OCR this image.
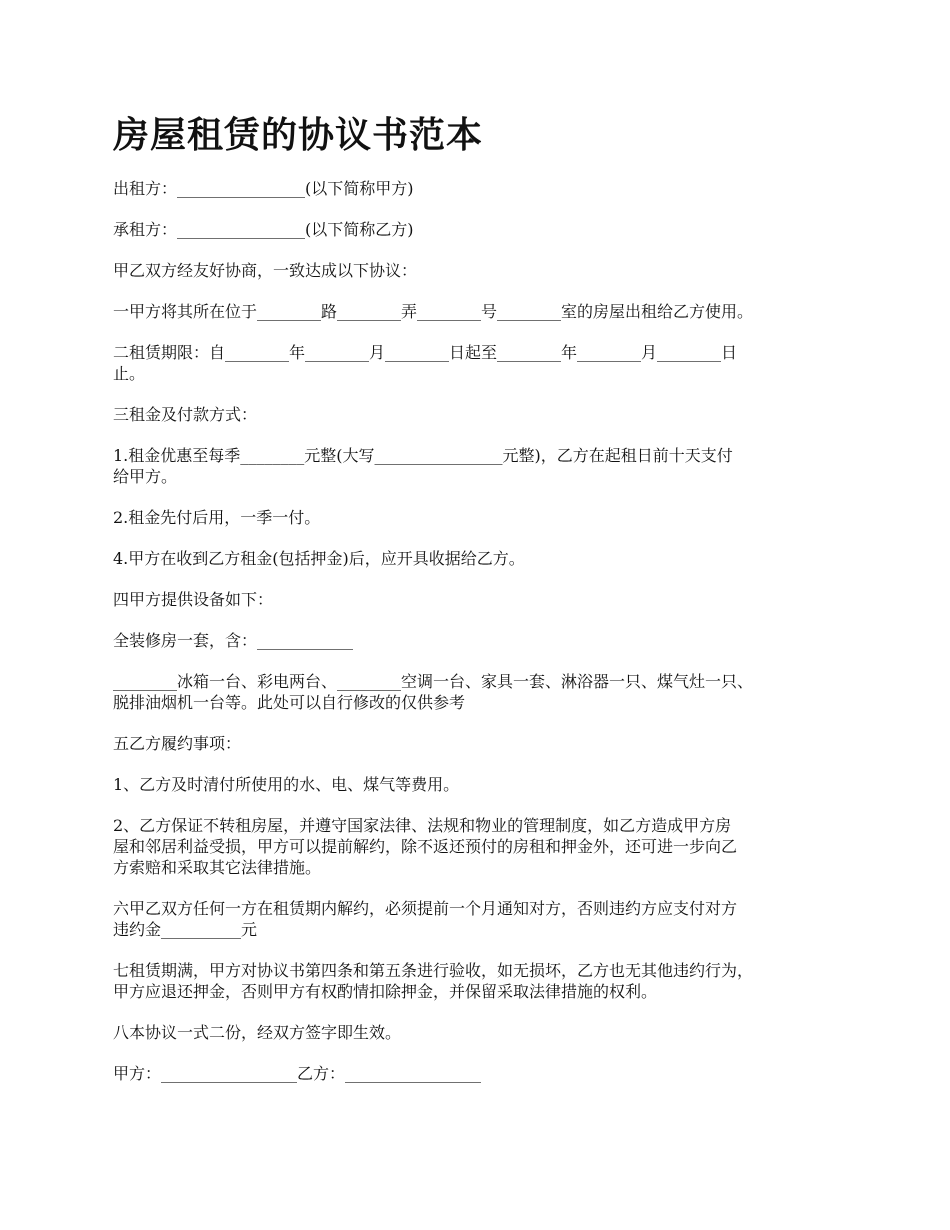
房屋租赁的协议书范本

出租方：________________(以下简称甲方)

承租方：________________(以下简称乙方)

甲乙双方经友好协商，一致达成以下协议：

一甲方将其所在位于________路________弄________号________室的房屋出租给乙方使用。

二租赁期限：自________年________月________日起至________年________月________日
止。

三租金及付款方式：

1.租金优惠至每季________元整(大写________________元整)，乙方在起租日前十天支付
给甲方。

2.租金先付后用，一季一付。

4.甲方在收到乙方租金(包括押金)后，应开具收据给乙方。

四甲方提供设备如下：

全装修房一套，含：____________

________冰箱一台、彩电两台、________空调一台、家具一套、淋浴器一只、煤气灶一只、
脱排油烟机一台等。此处可以自行修改的仅供参考

五乙方履约事项：

1、乙方及时清付所使用的水、电、煤气等费用。

2、乙方保证不转租房屋，并遵守国家法律、法规和物业的管理制度，如乙方造成甲方房
屋和邻居利益受损，甲方可以提前解约，除不返还预付的房租和押金外，还可进一步向乙
方索赔和采取其它法律措施。

六甲乙双方任何一方在租赁期内解约，必须提前一个月通知对方，否则违约方应支付对方
违约金__________元

七租赁期满，甲方对协议书第四条和第五条进行验收，如无损坏，乙方也无其他违约行为，
甲方应退还押金，否则甲方有权酌情扣除押金，并保留采取法律措施的权利。

八本协议一式二份，经双方签字即生效。

甲方：_________________乙方：_________________
